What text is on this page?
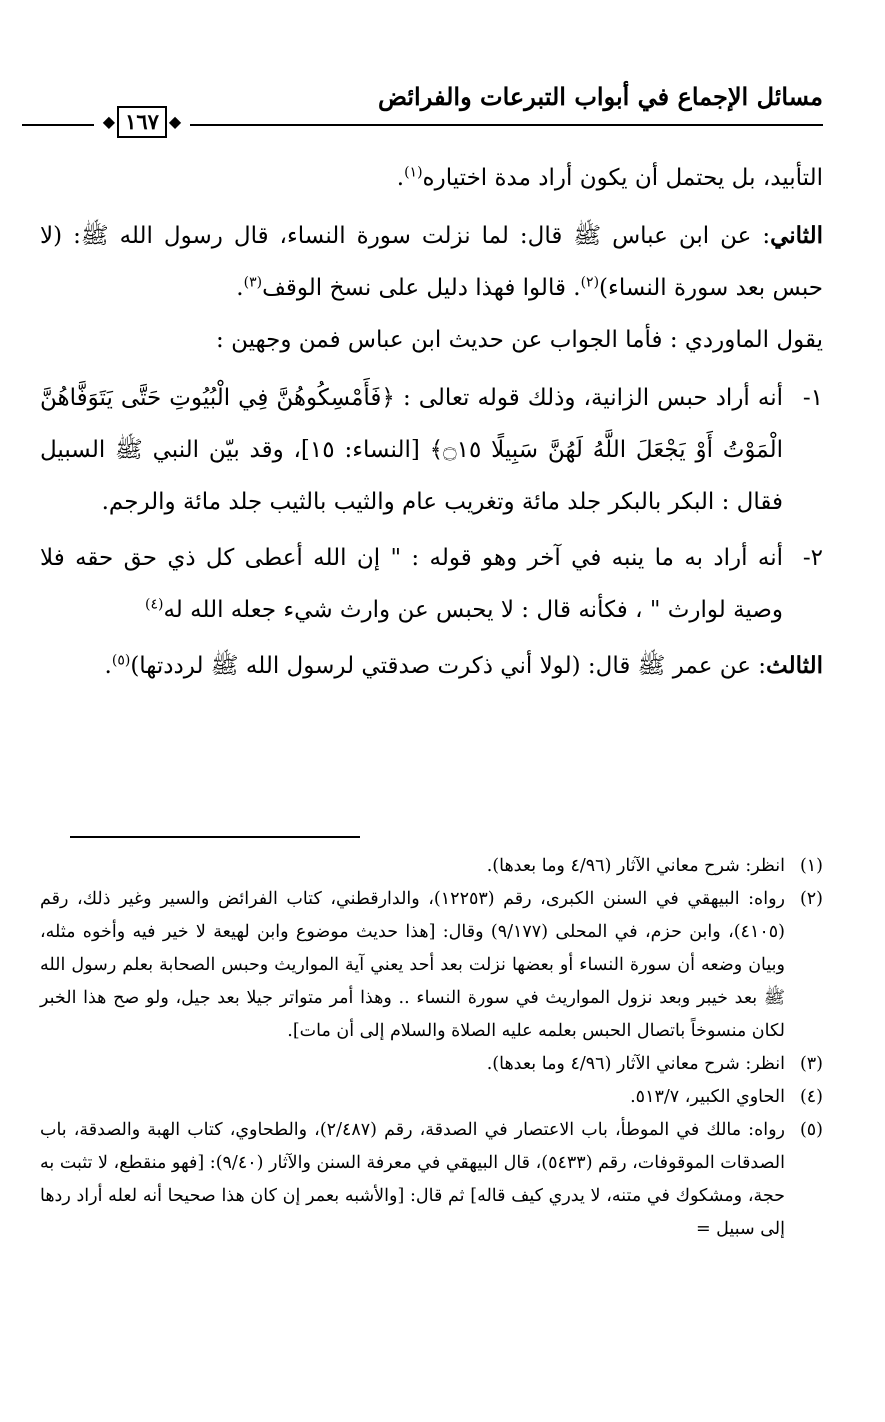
مسائل الإجماع في أبواب التبرعات والفرائض
◆ ١٦٧ ◆

التأبيد، بل يحتمل أن يكون أراد مدة اختياره$^{(١)}$.

الثاني: عن ابن عباس ﷺ قال: لما نزلت سورة النساء، قال رسول الله ﷺ: (لا حبس بعد سورة النساء)$^{(٢)}$. قالوا فهذا دليل على نسخ الوقف$^{(٣)}$.

يقول الماوردي : فأما الجواب عن حديث ابن عباس فمن وجهين :

١-
أنه أراد حبس الزانية، وذلك قوله تعالى : ﴿فَأَمْسِكُوهُنَّ فِي الْبُيُوتِ حَتَّى يَتَوَفَّاهُنَّ الْمَوْتُ أَوْ يَجْعَلَ اللَّهُ لَهُنَّ سَبِيلًا ۝١٥﴾ [النساء: ١٥]، وقد بيّن النبي ﷺ السبيل فقال : البكر بالبكر جلد مائة وتغريب عام والثيب بالثيب جلد مائة والرجم.
٢-
أنه أراد به ما ينبه في آخر وهو قوله : " إن الله أعطى كل ذي حق حقه فلا وصية لوارث " ، فكأنه قال : لا يحبس عن وارث شيء جعله الله له$^{(٤)}$

الثالث: عن عمر ﷺ قال: (لولا أني ذكرت صدقتي لرسول الله ﷺ لرددتها)$^{(٥)}$.

(١)
انظر: شرح معاني الآثار (٤/٩٦ وما بعدها).
(٢)
رواه: البيهقي في السنن الكبرى، رقم (١٢٢٥٣)، والدارقطني، كتاب الفرائض والسير وغير ذلك، رقم (٤١٠٥)، وابن حزم، في المحلى (٩/١٧٧) وقال: [هذا حديث موضوع وابن لهيعة لا خير فيه وأخوه مثله، وبيان وضعه أن سورة النساء أو بعضها نزلت بعد أحد يعني آية المواريث وحبس الصحابة بعلم رسول الله ﷺ بعد خيبر وبعد نزول المواريث في سورة النساء .. وهذا أمر متواتر جيلا بعد جيل، ولو صح هذا الخبر لكان منسوخاً باتصال الحبس بعلمه عليه الصلاة والسلام إلى أن مات].
(٣)
انظر: شرح معاني الآثار (٤/٩٦ وما بعدها).
(٤)
الحاوي الكبير، ٥١٣/٧.
(٥)
رواه: مالك في الموطأ، باب الاعتصار في الصدقة، رقم (٢/٤٨٧)، والطحاوي، كتاب الهبة والصدقة، باب الصدقات الموقوفات، رقم (٥٤٣٣)، قال البيهقي في معرفة السنن والآثار (٩/٤٠): [فهو منقطع، لا تثبت به حجة، ومشكوك في متنه، لا يدري كيف قاله] ثم قال: [والأشبه بعمر إن كان هذا صحيحا أنه لعله أراد ردها إلى سبيل =
